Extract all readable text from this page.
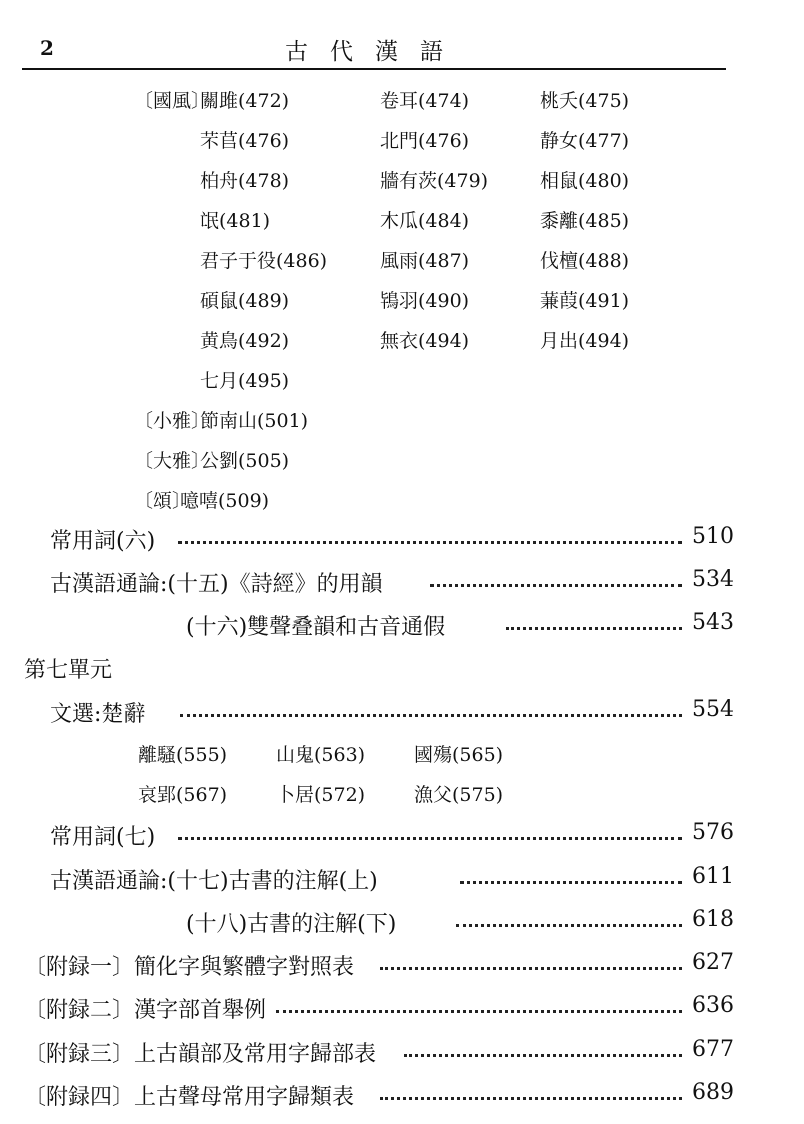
2	古代漢語
〔國風〕
關雎(472)	卷耳(474)	桃夭(475)
芣苢(476)	北門(476)	静女(477)
柏舟(478)	牆有茨(479)	相鼠(480)
氓(481)	木瓜(484)	黍離(485)
君子于役(486)	風雨(487)	伐檀(488)
碩鼠(489)	鴇羽(490)	蒹葭(491)
黄鳥(492)	無衣(494)	月出(494)
七月(495)
〔小雅〕
節南山(501)
〔大雅〕
公劉(505)
〔頌〕
噫嘻(509)
常用詞(六)	510
古漢語通論:(十五)《詩經》的用韻	534
(十六)雙聲叠韻和古音通假	543
第七單元
文選:楚辭	554
離騷(555)	山鬼(563)	國殤(565)
哀郢(567)	卜居(572)	漁父(575)
常用詞(七)	576
古漢語通論:(十七)古書的注解(上)	611
(十八)古書的注解(下)	618
〔附録一〕 簡化字與繁體字對照表	627
〔附録二〕 漢字部首舉例	636
〔附録三〕 上古韻部及常用字歸部表	677
〔附録四〕 上古聲母常用字歸類表	689
